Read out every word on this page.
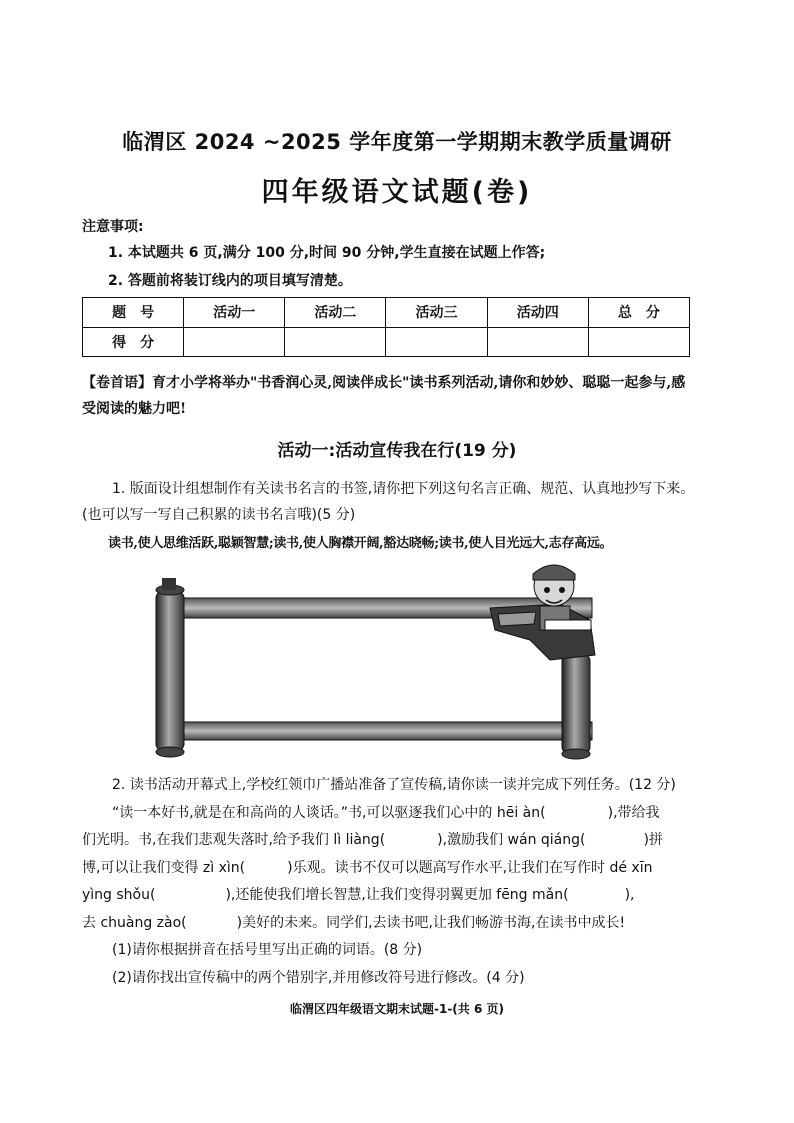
临渭区 2024 ~2025 学年度第一学期期末教学质量调研
四年级语文试题(卷)
注意事项:
1. 本试题共 6 页,满分 100 分,时间 90 分钟,学生直接在试题上作答;
2. 答题前将装订线内的项目填写清楚。
题　号	活动一	活动二	活动三	活动四	总　分
得　分					
【卷首语】育才小学将举办"书香润心灵,阅读伴成长"读书系列活动,请你和妙妙、聪聪一起参与,感受阅读的魅力吧!
活动一:活动宣传我在行(19 分)
1. 版面设计组想制作有关读书名言的书签,请你把下列这句名言正确、规范、认真地抄写下来。
(也可以写一写自己积累的读书名言哦)(5 分)
读书,使人思维活跃,聪颖智慧;读书,使人胸襟开阔,豁达晓畅;读书,使人目光远大,志存高远。

2. 读书活动开幕式上,学校红领巾广播站准备了宣传稿,请你读一读并完成下列任务。(12 分)

“读一本好书,就是在和高尚的人谈话。”书,可以驱逐我们心中的 hēi àn(	),带给我

们光明。书,在我们悲观失落时,给予我们 lì liàng(	),激励我们 wán qiáng(	)拼

博,可以让我们变得 zì xìn(	)乐观。读书不仅可以题高写作水平,让我们在写作时 dé xīn

yìng shǒu(	),还能使我们增长智慧,让我们变得羽翼更加 fēng mǎn(	),

去 chuàng zào(	)美好的未来。同学们,去读书吧,让我们畅游书海,在读书中成长!

(1)请你根据拼音在括号里写出正确的词语。(8 分)

(2)请你找出宣传稿中的两个错别字,并用修改符号进行修改。(4 分)

临渭区四年级语文期末试题-1-(共 6 页)
